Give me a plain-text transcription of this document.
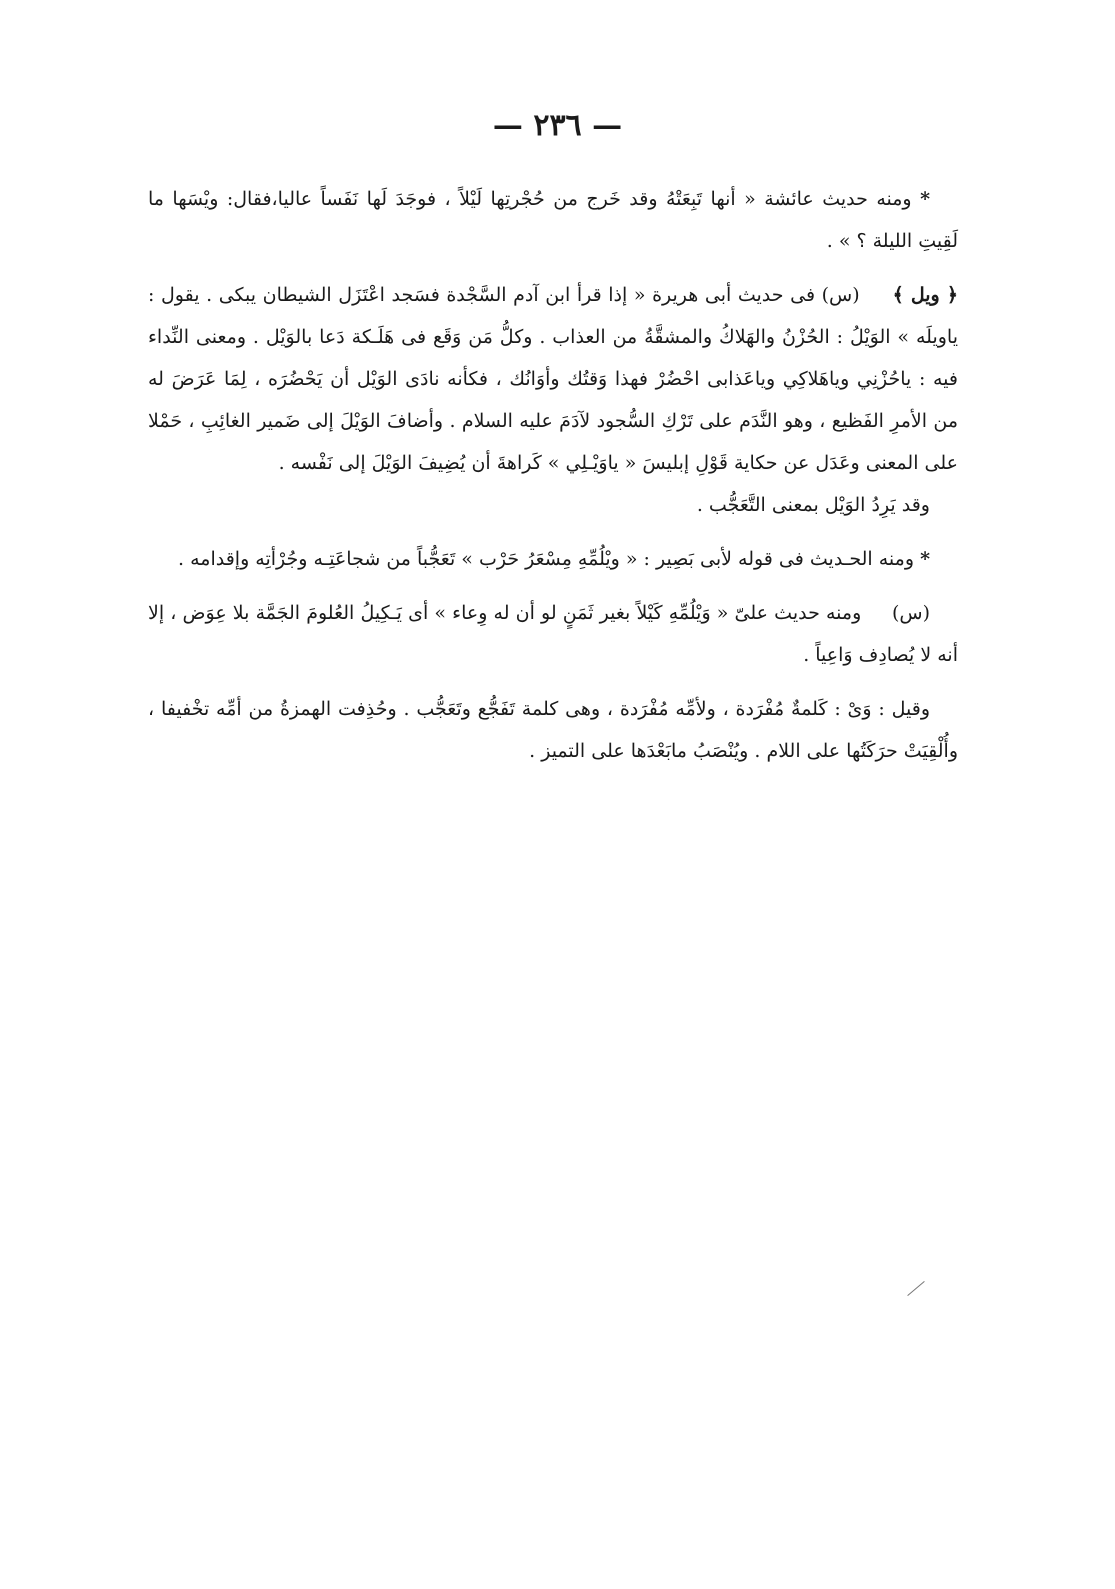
— ٢٣٦ —

* ومنه حديث عائشة « أنها تَبِعَتْهُ وقد خَرج من حُجْرتِها لَيْلاً ، فوجَدَ لَها نَفَساً عاليا،فقال: ويْسَها ما لَقِيتِ الليلة ؟ » .

﴿ ويل ﴾     (س) فى حديث أبى هريرة « إذا قرأ ابن آدم السَّجْدة فسَجد اعْتَزَل الشيطان يبكى . يقول : ياويلَه » الوَيْلُ : الحُزْنُ والهَلاكُ والمشقَّةُ من العذاب . وكلُّ مَن وَقَع فى هَلَـكة دَعا بالوَيْل . ومعنى النِّداء فيه : ياحُزْنِي وياهَلاكِي وياعَذابى احْضُرْ فهذا وَقتُك وأوَانُك ، فكأنه نادَى الوَيْل أن يَحْضُرَه ، لِمَا عَرَضَ له من الأمرِ الفَظيع ، وهو النَّدَم على تَرْكِ السُّجود لآدَمَ عليه السلام . وأضافَ الوَيْلَ إلى ضَمير الغائِبِ ، حَمْلا على المعنى وعَدَل عن حكاية قَوْلِ إبليسَ « ياوَيْـلِي » كَراهةَ أن يُضِيفَ الوَيْلَ إلى نَفْسه .

وقد يَرِدُ الوَيْل بمعنى التَّعَجُّب .

* ومنه الحـديث فى قوله لأبى بَصِير : « ويْلُمِّهِ مِسْعَرُ حَرْب » تَعَجُّباً من شجاعَتِـه وجُرْأتِه وإقدامه .

(س)     ومنه حديث علىّ « وَيْلُمِّهِ كَيْلاً بغير ثَمَنٍ لو أن له وِعاء » أى يَـكِيلُ العُلومَ الجَمَّة بلا عِوَض ، إلا أنه لا يُصادِف وَاعِياً .

وقيل : وَىْ : كَلمةٌ مُفْرَدة ، ولأمِّه مُفْرَدة ، وهى كلمة تَفَجُّع وتَعَجُّب . وحُذِفت الهمزةُ من أمِّه تخْفيفا ، وأُلْقِيَتْ حرَكَتُها على اللام . ويُنْصَبُ مابَعْدَها على التميز .
